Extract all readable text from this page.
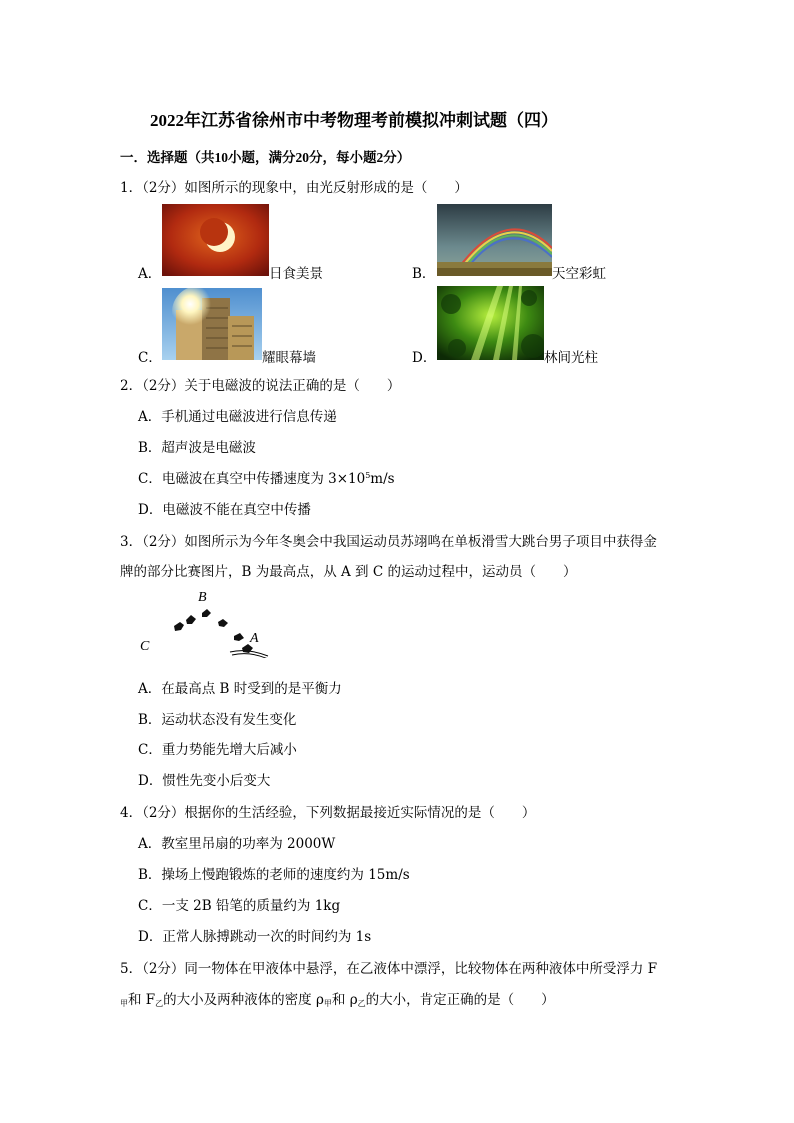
2022年江苏省徐州市中考物理考前模拟冲刺试题（四）
一．选择题（共10小题，满分20分，每小题2分）
1．（2分）如图所示的现象中，由光反射形成的是（　　）
A．	日食美景	B．	天空彩虹
C．	耀眼幕墙	D．	林间光柱
2．（2分）关于电磁波的说法正确的是（　　）
A．手机通过电磁波进行信息传递
B．超声波是电磁波
C．电磁波在真空中传播速度为 $3\times 10^5m/s$
D．电磁波不能在真空中传播
3．（2分）如图所示为今年冬奥会中我国运动员苏翊鸣在单板滑雪大跳台男子项目中获得金
牌的部分比赛图片，B 为最高点，从 A 到 C 的运动过程中，运动员（　　）
B
C
A
A．在最高点 B 时受到的是平衡力
B．运动状态没有发生变化
C．重力势能先增大后减小
D．惯性先变小后变大
4．（2分）根据你的生活经验，下列数据最接近实际情况的是（　　）
A．教室里吊扇的功率为 2000W
B．操场上慢跑锻炼的老师的速度约为 15m/s
C．一支 2B 铅笔的质量约为 1kg
D．正常人脉搏跳动一次的时间约为 1s
5．（2分）同一物体在甲液体中悬浮，在乙液体中漂浮，比较物体在两种液体中所受浮力 F
$_甲$和 $F_乙$的大小及两种液体的密度 $\rho_甲$和 $\rho_乙$的大小，肯定正确的是（　　）
